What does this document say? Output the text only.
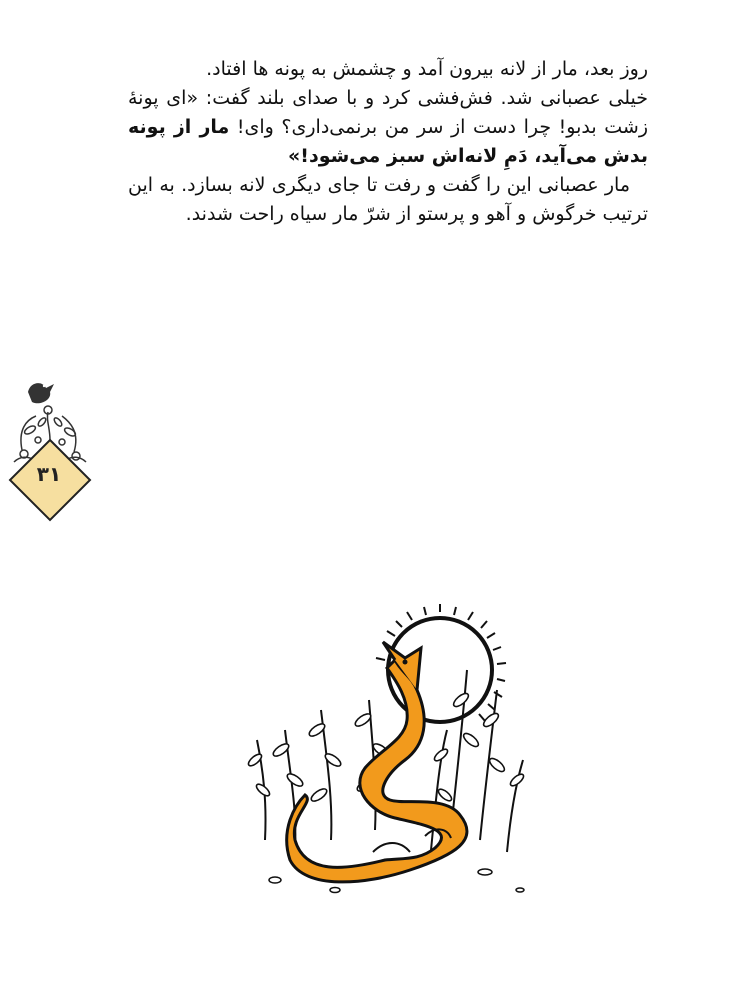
روز بعد، مار از لانه بیرون آمد و چشمش به پونه ها افتاد.

خیلی عصبانی شد. فش‌فشی کرد و با صدای بلند گفت: «ای پونهٔ زشت بدبو! چرا دست از سر من برنمی‌داری؟ وای! مار از پونه بدش می‌آید، دَمِ لانه‌اش سبز می‌شود!»

مار عصبانی این را گفت و رفت تا جای دیگری لانه بسازد. به این ترتیب خرگوش و آهو و پرستو از شرّ مار سیاه راحت شدند.

۳۱
